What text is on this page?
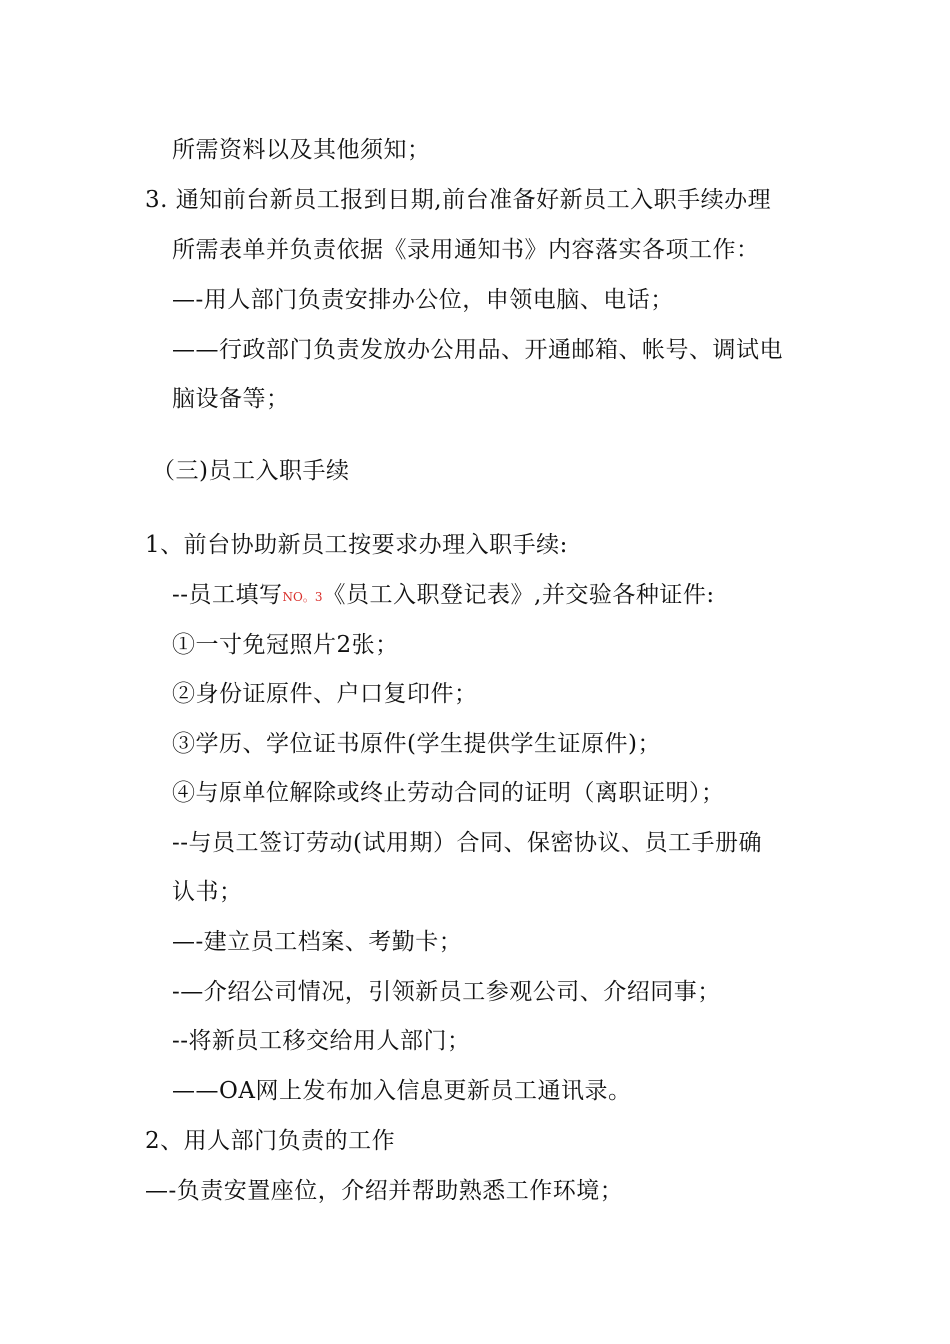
所需资料以及其他须知；
3. 通知前台新员工报到日期,前台准备好新员工入职手续办理
所需表单并负责依据《录用通知书》内容落实各项工作：
—-用人部门负责安排办公位，申领电脑、电话；
——行政部门负责发放办公用品、开通邮箱、帐号、调试电
脑设备等；
（三)员工入职手续
1、前台协助新员工按要求办理入职手续:
--员工填写NO。3《员工入职登记表》,并交验各种证件:
①一寸免冠照片2张；
②身份证原件、户口复印件；
③学历、学位证书原件(学生提供学生证原件)；
④与原单位解除或终止劳动合同的证明（离职证明）；
--与员工签订劳动(试用期）合同、保密协议、员工手册确
认书；
—-建立员工档案、考勤卡；
-—介绍公司情况，引领新员工参观公司、介绍同事；
--将新员工移交给用人部门；
——OA网上发布加入信息更新员工通讯录。
2、用人部门负责的工作
—-负责安置座位，介绍并帮助熟悉工作环境；
